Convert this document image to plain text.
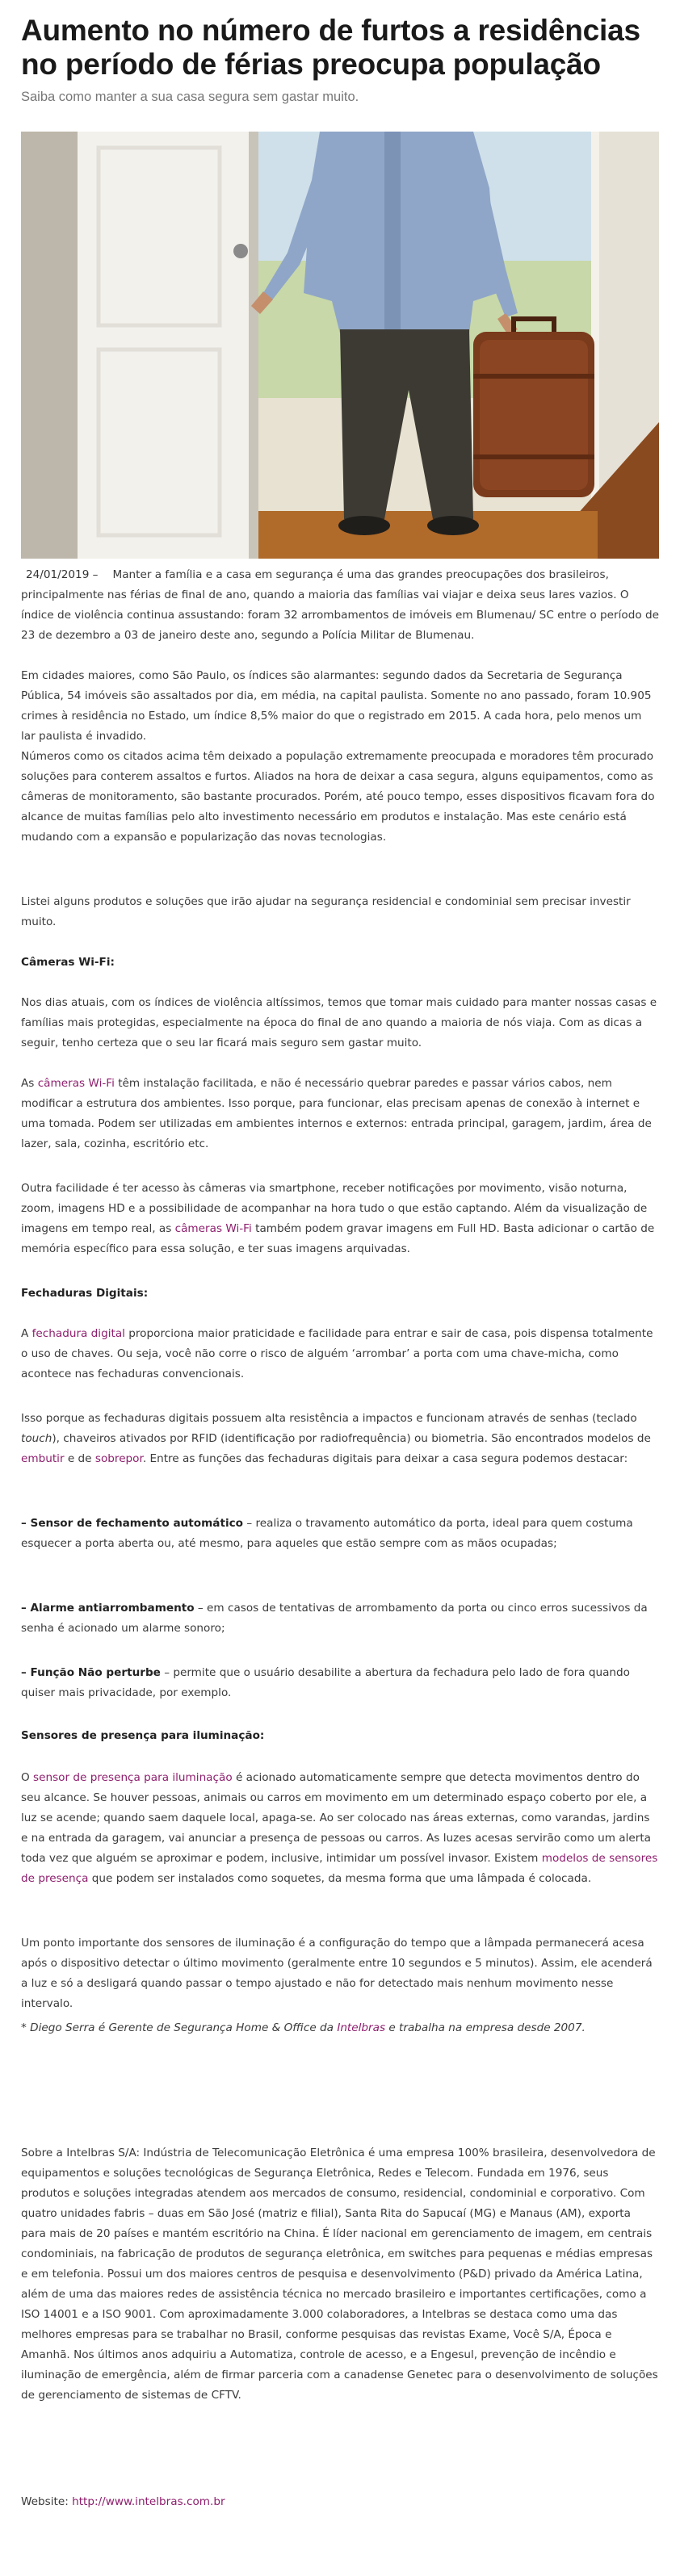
Aumento no número de furtos a residências
no período de férias preocupa população
Saiba como manter a sua casa segura sem gastar muito.

24/01/2019 – Manter a família e a casa em segurança é uma das grandes preocupações dos brasileiros, principalmente nas férias de final de ano, quando a maioria das famílias vai viajar e deixa seus lares vazios. O índice de violência continua assustando: foram 32 arrombamentos de imóveis em Blumenau/ SC entre o período de 23 de dezembro a 03 de janeiro deste ano, segundo a Polícia Militar de Blumenau.

Em cidades maiores, como São Paulo, os índices são alarmantes: segundo dados da Secretaria de Segurança Pública, 54 imóveis são assaltados por dia, em média, na capital paulista. Somente no ano passado, foram 10.905 crimes à residência no Estado, um índice 8,5% maior do que o registrado em 2015. A cada hora, pelo menos um lar paulista é invadido.

Números como os citados acima têm deixado a população extremamente preocupada e moradores têm procurado soluções para conterem assaltos e furtos. Aliados na hora de deixar a casa segura, alguns equipamentos, como as câmeras de monitoramento, são bastante procurados. Porém, até pouco tempo, esses dispositivos ficavam fora do alcance de muitas famílias pelo alto investimento necessário em produtos e instalação. Mas este cenário está mudando com a expansão e popularização das novas tecnologias.

Listei alguns produtos e soluções que irão ajudar na segurança residencial e condominial sem precisar investir muito.

Câmeras Wi-Fi:

Nos dias atuais, com os índices de violência altíssimos, temos que tomar mais cuidado para manter nossas casas e famílias mais protegidas, especialmente na época do final de ano quando a maioria de nós viaja. Com as dicas a seguir, tenho certeza que o seu lar ficará mais seguro sem gastar muito.

As câmeras Wi-Fi têm instalação facilitada, e não é necessário quebrar paredes e passar vários cabos, nem modificar a estrutura dos ambientes. Isso porque, para funcionar, elas precisam apenas de conexão à internet e uma tomada. Podem ser utilizadas em ambientes internos e externos: entrada principal, garagem, jardim, área de lazer, sala, cozinha, escritório etc.

Outra facilidade é ter acesso às câmeras via smartphone, receber notificações por movimento, visão noturna, zoom, imagens HD e a possibilidade de acompanhar na hora tudo o que estão captando. Além da visualização de imagens em tempo real, as câmeras Wi-Fi também podem gravar imagens em Full HD. Basta adicionar o cartão de memória específico para essa solução, e ter suas imagens arquivadas.

Fechaduras Digitais:

A fechadura digital proporciona maior praticidade e facilidade para entrar e sair de casa, pois dispensa totalmente o uso de chaves. Ou seja, você não corre o risco de alguém ‘arrombar’ a porta com uma chave-micha, como acontece nas fechaduras convencionais.

Isso porque as fechaduras digitais possuem alta resistência a impactos e funcionam através de senhas (teclado touch), chaveiros ativados por RFID (identificação por radiofrequência) ou biometria. São encontrados modelos de embutir e de sobrepor. Entre as funções das fechaduras digitais para deixar a casa segura podemos destacar:

– Sensor de fechamento automático – realiza o travamento automático da porta, ideal para quem costuma esquecer a porta aberta ou, até mesmo, para aqueles que estão sempre com as mãos ocupadas;

– Alarme antiarrombamento – em casos de tentativas de arrombamento da porta ou cinco erros sucessivos da senha é acionado um alarme sonoro;

– Função Não perturbe – permite que o usuário desabilite a abertura da fechadura pelo lado de fora quando quiser mais privacidade, por exemplo.

Sensores de presença para iluminação:

O sensor de presença para iluminação é acionado automaticamente sempre que detecta movimentos dentro do seu alcance. Se houver pessoas, animais ou carros em movimento em um determinado espaço coberto por ele, a luz se acende; quando saem daquele local, apaga-se. Ao ser colocado nas áreas externas, como varandas, jardins e na entrada da garagem, vai anunciar a presença de pessoas ou carros. As luzes acesas servirão como um alerta toda vez que alguém se aproximar e podem, inclusive, intimidar um possível invasor. Existem modelos de sensores de presença que podem ser instalados como soquetes, da mesma forma que uma lâmpada é colocada.

Um ponto importante dos sensores de iluminação é a configuração do tempo que a lâmpada permanecerá acesa após o dispositivo detectar o último movimento (geralmente entre 10 segundos e 5 minutos). Assim, ele acenderá a luz e só a desligará quando passar o tempo ajustado e não for detectado mais nenhum movimento nesse intervalo.

* Diego Serra é Gerente de Segurança Home & Office da Intelbras e trabalha na empresa desde 2007.

Sobre a Intelbras S/A: Indústria de Telecomunicação Eletrônica é uma empresa 100% brasileira, desenvolvedora de equipamentos e soluções tecnológicas de Segurança Eletrônica, Redes e Telecom. Fundada em 1976, seus produtos e soluções integradas atendem aos mercados de consumo, residencial, condominial e corporativo. Com quatro unidades fabris – duas em São José (matriz e filial), Santa Rita do Sapucaí (MG) e Manaus (AM), exporta para mais de 20 países e mantém escritório na China. É líder nacional em gerenciamento de imagem, em centrais condominiais, na fabricação de produtos de segurança eletrônica, em switches para pequenas e médias empresas e em telefonia. Possui um dos maiores centros de pesquisa e desenvolvimento (P&D) privado da América Latina, além de uma das maiores redes de assistência técnica no mercado brasileiro e importantes certificações, como a ISO 14001 e a ISO 9001. Com aproximadamente 3.000 colaboradores, a Intelbras se destaca como uma das melhores empresas para se trabalhar no Brasil, conforme pesquisas das revistas Exame, Você S/A, Época e Amanhã. Nos últimos anos adquiriu a Automatiza, controle de acesso, e a Engesul, prevenção de incêndio e iluminação de emergência, além de firmar parceria com a canadense Genetec para o desenvolvimento de soluções de gerenciamento de sistemas de CFTV.

Website: http://www.intelbras.com.br
